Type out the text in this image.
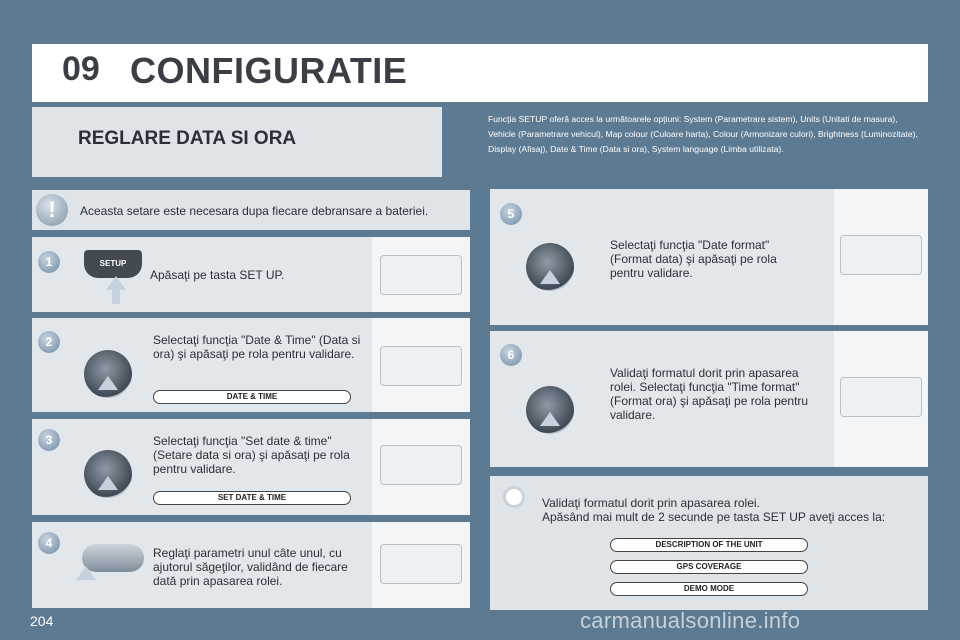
09 CONFIGURATIE
REGLARE DATA SI ORA
Funcţia SETUP oferă acces la următoarele opţiuni: System (Parametrare sistem), Units (Unitati de masura), Vehicle (Parametrare vehicul), Map colour (Culoare harta), Colour (Armonizare culori), Brightness (Luminozitate), Display (Afisaj), Date & Time (Data si ora), System language (Limba utilizata).
!	Aceasta setare este necesara dupa fiecare debransare a bateriei.
1	SETUP
Apăsaţi pe tasta SET UP.
2	Selectaţi funcţia "Date & Time" (Data si ora) şi apăsaţi pe rola pentru validare.
DATE & TIME
3	Selectaţi funcţia "Set date & time" (Setare data si ora) şi apăsaţi pe rola pentru validare.
SET DATE & TIME
4
Reglaţi parametri unul câte unul, cu ajutorul săgeţilor, validând de fiecare dată prin apasarea rolei.
5
Selectaţi funcţia "Date format" (Format data) şi apăsaţi pe rola pentru validare.
6
Validaţi formatul dorit prin apasarea rolei. Selectaţi funcţia "Time format" (Format ora) şi apăsaţi pe rola pentru validare.
Validaţi formatul dorit prin apasarea rolei.
Apăsând mai mult de 2 secunde pe tasta SET UP aveţi acces la:
DESCRIPTION OF THE UNIT
GPS COVERAGE
DEMO MODE
204	carmanualsonline.info
